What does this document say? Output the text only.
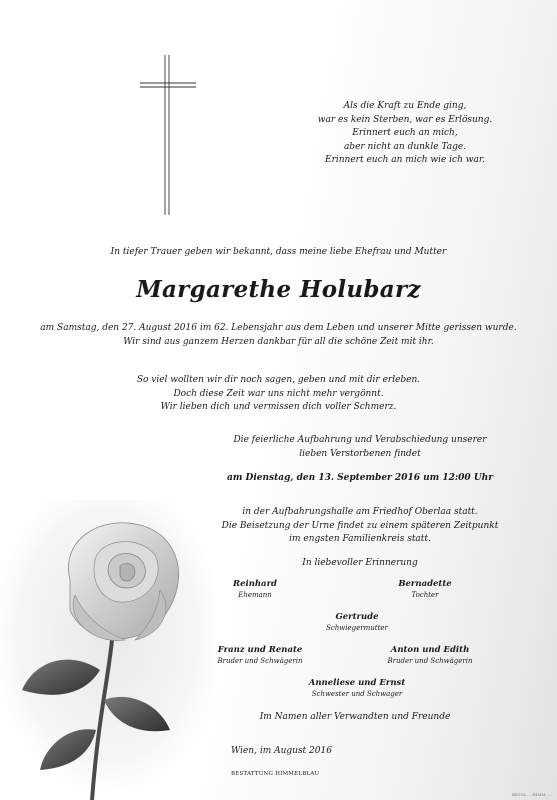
Als die Kraft zu Ende ging,
war es kein Sterben, war es Erlösung.
Erinnert euch an mich,
aber nicht an dunkle Tage.
Erinnert euch an mich wie ich war.
In tiefer Trauer geben wir bekannt, dass meine liebe Ehefrau und Mutter
Margarethe Holubarz
am Samstag, den 27. August 2016 im 62. Lebensjahr aus dem Leben und unserer Mitte gerissen wurde.
Wir sind aus ganzem Herzen dankbar für all die schöne Zeit mit ihr.
So viel wollten wir dir noch sagen, geben und mit dir erleben.
Doch diese Zeit war uns nicht mehr vergönnt.
Wir lieben dich und vermissen dich voller Schmerz.
Die feierliche Aufbahrung und Verabschiedung unserer
lieben Verstorbenen findet
am Dienstag, den 13. September 2016 um 12:00 Uhr
in der Aufbahrungshalle am Friedhof Oberlaa statt.
Die Beisetzung der Urne findet zu einem späteren Zeitpunkt
im engsten Familienkreis statt.
In liebevoller Erinnerung
Reinhard
Ehemann
Bernadette
Tochter
Gertrude
Schwiegermutter
Franz und Renate
Bruder und Schwägerin
Anton und Edith
Bruder und Schwägerin
Anneliese und Ernst
Schwester und Schwager
Im Namen aller Verwandten und Freunde
Wien, im August 2016
BESTATTUNG HIMMELBLAU
BESTA ... HIMM ...
